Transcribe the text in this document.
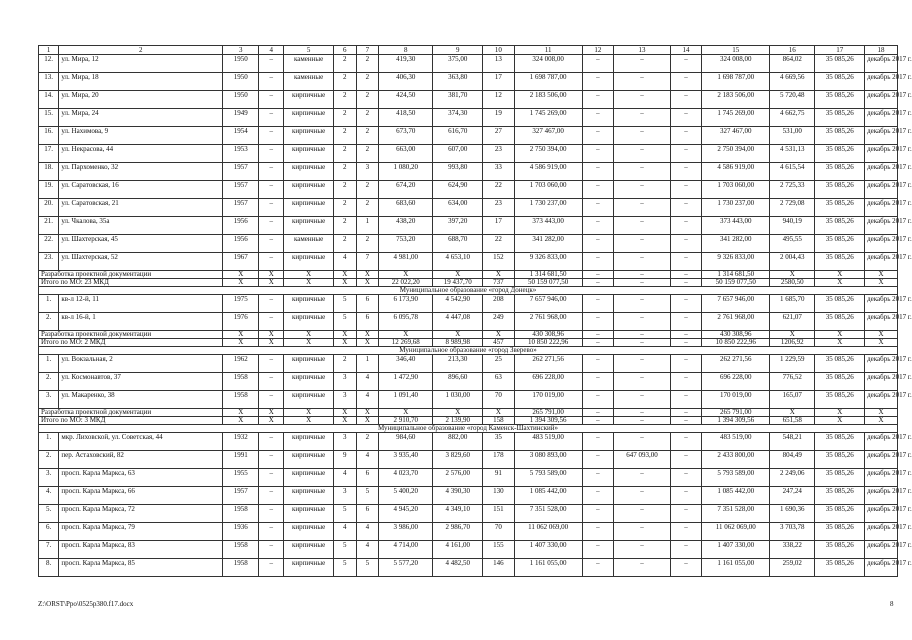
1	2	3	4	5	6	7	8	9	10	11	12	13	14	15	16	17	18
12.	ул. Мира, 12	1950	–	каменные	2	2	419,30	375,00	13	324 008,00	–	–	–	324 008,00	864,02	35 085,26	декабрь 2017 г.

13.	ул. Мира, 18	1950	–	каменные	2	2	406,30	363,80	17	1 698 787,00	–	–	–	1 698 787,00	4 669,56	35 085,26	декабрь 2017 г.

14.	ул. Мира, 20	1950	–	кирпичные	2	2	424,50	381,70	12	2 183 506,00	–	–	–	2 183 506,00	5 720,48	35 085,26	декабрь 2017 г.

15.	ул. Мира, 24	1949	–	кирпичные	2	2	418,50	374,30	19	1 745 269,00	–	–	–	1 745 269,00	4 662,75	35 085,26	декабрь 2017 г.

16.	ул. Нахимова, 9	1954	–	кирпичные	2	2	673,70	616,70	27	327 467,00	–	–	–	327 467,00	531,00	35 085,26	декабрь 2017 г.

17.	ул. Некрасова, 44	1953	–	кирпичные	2	2	663,00	607,00	23	2 750 394,00	–	–	–	2 750 394,00	4 531,13	35 085,26	декабрь 2017 г.

18.	ул. Пархоменко, 32	1957	–	кирпичные	2	3	1 080,20	993,80	33	4 586 919,00	–	–	–	4 586 919,00	4 615,54	35 085,26	декабрь 2017 г.

19.	ул. Саратовская, 16	1957	–	кирпичные	2	2	674,20	624,90	22	1 703 060,00	–	–	–	1 703 060,00	2 725,33	35 085,26	декабрь 2017 г.

20.	ул. Саратовская, 21	1957	–	кирпичные	2	2	683,60	634,00	23	1 730 237,00	–	–	–	1 730 237,00	2 729,08	35 085,26	декабрь 2017 г.

21.	ул. Чкалова, 35а	1956	–	кирпичные	2	1	438,20	397,20	17	373 443,00	–	–	–	373 443,00	940,19	35 085,26	декабрь 2017 г.

22.	ул. Шахтерская, 45	1956	–	каменные	2	2	753,20	688,70	22	341 282,00	–	–	–	341 282,00	495,55	35 085,26	декабрь 2017 г.

23.	ул. Шахтерская, 52	1967	–	кирпичные	4	7	4 981,00	4 653,10	152	9 326 833,00	–	–	–	9 326 833,00	2 004,43	35 085,26	декабрь 2017 г.

Разработка проектной документации		X	X	X	X	X	X	X	X	1 314 681,50	–	–	–	1 314 681,50	X	X	X
Итого по МО: 23 МКД		X	X	X	X	X	22 022,20	19 437,70	737	50 159 077,50	–	–	–	50 159 077,50	2580,50	X	X
Муниципальное образование «город Донецк»																	
1.	кв-л 12-й, 11	1975	–	кирпичные	5	6	6 173,90	4 542,90	208	7 657 946,00	–	–	–	7 657 946,00	1 685,70	35 085,26	декабрь 2017 г.

2.	кв-л 16-й, 1	1976	–	кирпичные	5	6	6 095,78	4 447,08	249	2 761 968,00	–	–	–	2 761 968,00	621,07	35 085,26	декабрь 2017 г.

Разработка проектной документации		X	X	X	X	X	X	X	X	430 308,96	–	–	–	430 308,96	X	X	X
Итого по МО: 2 МКД		X	X	X	X	X	12 269,68	8 989,98	457	10 850 222,96	–	–	–	10 850 222,96	1206,92	X	X
Муниципальное образование «город Зверево»																	
1.	ул. Вокзальная, 2	1962	–	кирпичные	2	1	346,40	213,30	25	262 271,56	–	–	–	262 271,56	1 229,59	35 085,26	декабрь 2017 г.

2.	ул. Космонавтов, 37	1958	–	кирпичные	3	4	1 472,90	896,60	63	696 228,00	–	–	–	696 228,00	776,52	35 085,26	декабрь 2017 г.

3.	ул. Макаренко, 38	1958	–	кирпичные	3	4	1 091,40	1 030,00	70	170 019,00	–	–	–	170 019,00	165,07	35 085,26	декабрь 2017 г.

Разработка проектной документации		X	X	X	X	X	X	X	X	265 791,00	–	–	–	265 791,00	X	X	X
Итого по МО: 3 МКД		X	X	X	X	X	2 910,70	2 139,90	158	1 394 309,56	–	–	–	1 394 309,56	651,58	X	X
Муниципальное образование «город Каменск-Шахтинский»																	
1.	мкр. Лиховской, ул. Советская, 44	1932	–	кирпичные	3	2	984,60	882,00	35	483 519,00	–	–	–	483 519,00	548,21	35 085,26	декабрь 2017 г.

2.	пер. Астаховский, 82	1991	–	кирпичные	9	4	3 935,40	3 829,60	178	3 080 893,00	–	647 093,00	–	2 433 800,00	804,49	35 085,26	декабрь 2017 г.

3.	просп. Карла Маркса, 63	1955	–	кирпичные	4	6	4 023,70	2 576,00	91	5 793 589,00	–	–	–	5 793 589,00	2 249,06	35 085,26	декабрь 2017 г.

4.	просп. Карла Маркса, 66	1957	–	кирпичные	3	5	5 400,20	4 390,30	130	1 085 442,00	–	–	–	1 085 442,00	247,24	35 085,26	декабрь 2017 г.

5.	просп. Карла Маркса, 72	1958	–	кирпичные	5	6	4 945,20	4 349,10	151	7 351 528,00	–	–	–	7 351 528,00	1 690,36	35 085,26	декабрь 2017 г.

6.	просп. Карла Маркса, 79	1936	–	кирпичные	4	4	3 986,00	2 986,70	70	11 062 069,00	–	–	–	11 062 069,00	3 703,78	35 085,26	декабрь 2017 г.

7.	просп. Карла Маркса, 83	1958	–	кирпичные	5	4	4 714,00	4 161,00	155	1 407 330,00	–	–	–	1 407 330,00	338,22	35 085,26	декабрь 2017 г.

8.	просп. Карла Маркса, 85	1958	–	кирпичные	5	5	5 577,20	4 482,50	146	1 161 055,00	–	–	–	1 161 055,00	259,02	35 085,26	декабрь 2017 г.
Z:\ORST\Ppo\0525p380.f17.docx	8
